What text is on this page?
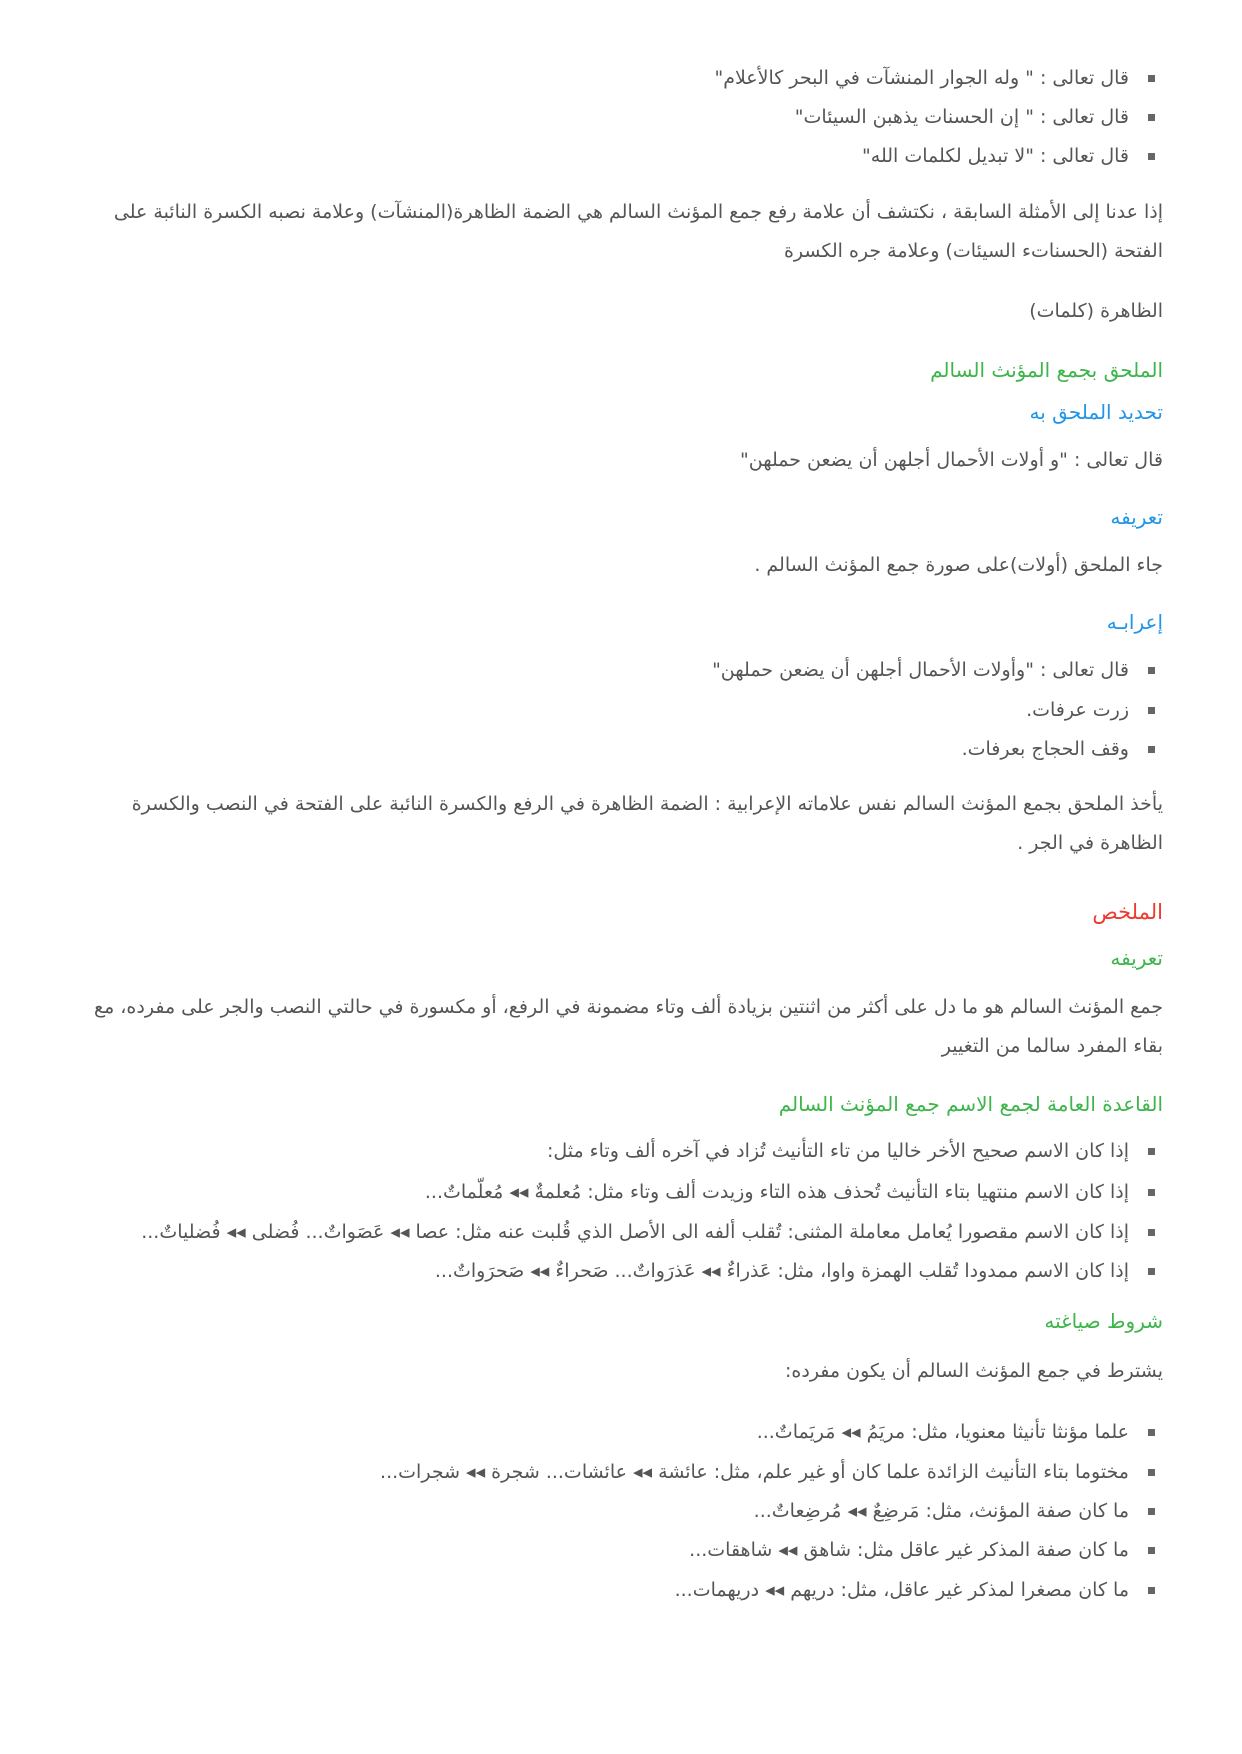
قال تعالى : " وله الجوار المنشآت في البحر كالأعلام"
قال تعالى : " إن الحسنات يذهبن السيئات"
قال تعالى : "لا تبديل لكلمات الله"
إذا عدنا إلى الأمثلة السابقة ، نكتشف أن علامة رفع جمع المؤنث السالم هي الضمة الظاهرة(المنشآت) وعلامة نصبه الكسرة النائبة على الفتحة (الحسناتء السيئات) وعلامة جره الكسرة
الظاهرة (كلمات)
الملحق بجمع المؤنث السالم
تحديد الملحق به
قال تعالى : "و أولات الأحمال أجلهن أن يضعن حملهن"
تعريفه
جاء الملحق (أولات)على صورة جمع المؤنث السالم .
إعرابـه
قال تعالى : "وأولات الأحمال أجلهن أن يضعن حملهن"
زرت عرفات.
وقف الحجاج بعرفات.
يأخذ الملحق بجمع المؤنث السالم نفس علاماته الإعرابية : الضمة الظاهرة في الرفع والكسرة النائبة على الفتحة في النصب والكسرة الظاهرة في الجر .
الملخص
تعريفه
جمع المؤنث السالم هو ما دل على أكثر من اثنتين بزيادة ألف وتاء مضمونة في الرفع، أو مكسورة في حالتي النصب والجر على مفرده، مع بقاء المفرد سالما من التغيير
القاعدة العامة لجمع الاسم جمع المؤنث السالم
إذا كان الاسم صحيح الأخر خاليا من تاء التأنيث تُزاد في آخره ألف وتاء مثل:
إذا كان الاسم منتهيا بتاء التأنيث تُحذف هذه التاء وزيدت ألف وتاء مثل: مُعلمةٌ ◂◂ مُعلّماتٌ...
إذا كان الاسم مقصورا يُعامل معاملة المثنى: تُقلب ألفه الى الأصل الذي قُلبت عنه مثل: عصا ◂◂ عَصَواتٌ... فُضلى ◂◂ فُضلياتٌ...
إذا كان الاسم ممدودا تُقلب الهمزة واوا، مثل: عَذراءٌ ◂◂ عَذرَواتٌ... صَحراءٌ ◂◂ صَحرَواتٌ...
شروط صياغته
يشترط في جمع المؤنث السالم أن يكون مفرده:
علما مؤنثا تأنيثا معنويا، مثل: مريَمُ ◂◂ مَريَماتٌ...
مختوما بتاء التأنيث الزائدة علما كان أو غير علم، مثل: عائشة ◂◂ عائشات... شجرة ◂◂ شجرات...
ما كان صفة المؤنث، مثل: مَرضِعٌ ◂◂ مُرضِعاتٌ...
ما كان صفة المذكر غير عاقل مثل: شاهق ◂◂ شاهقات...
ما كان مصغرا لمذكر غير عاقل، مثل: دريهم ◂◂ دريهمات...
